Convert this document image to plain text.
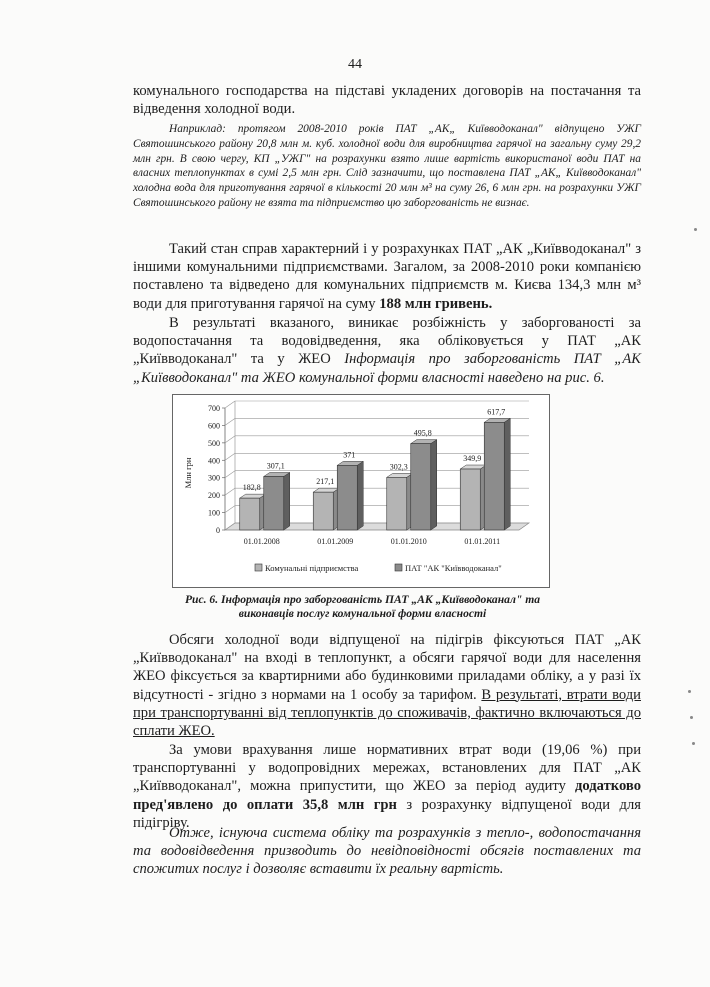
44

комунального господарства на підставі укладених договорів на постачання та відведення холодної води.

Наприклад: протягом 2008-2010 років ПАТ „АК„ Київводоканал" відпущено УЖГ Святошинського району 20,8 млн м. куб. холодної води для виробництва гарячої на загальну суму 29,2 млн грн. В свою чергу, КП „УЖГ" на розрахунки взято лише вартість використаної води ПАТ на власних теплопунктах в сумі 2,5 млн грн. Слід зазначити, що поставлена ПАТ „АК„ Київводоканал" холодна вода для приготування гарячої в кількості 20 млн м³ на суму 26, 6 млн грн. на розрахунки УЖГ Святошинського району не взята та підприємство цю заборгованість не визнає.

Такий стан справ характерний і у розрахунках ПАТ „АК „Київводоканал" з іншими комунальними підприємствами. Загалом, за 2008-2010 роки компанією поставлено та відведено для комунальних підприємств м. Києва 134,3 млн м³ води для приготування гарячої на суму 188 млн гривень.

В результаті вказаного, виникає розбіжність у заборгованості за водопостачання та водовідведення, яка обліковується у ПАТ „АК „Київводоканал" та у ЖЕО Інформація про заборгованість ПАТ „АК „Київводоканал" та ЖЕО комунальної форми власності наведено на рис. 6.

Млн грн
0
100
200
300
400
500
600
700
182,8
307,1
217,1
371
302,3
495,8
349,9
617,7
01.01.2008	01.01.2009	01.01.2010	01.01.2011
Комунальні підприємства	ПАТ "АК "Київводоканал"
Рис. 6. Інформація про заборгованість ПАТ „АК „Київводоканал" та виконавців послуг комунальної форми власності

Обсяги холодної води відпущеної на підігрів фіксуються ПАТ „АК „Київводоканал" на вході в теплопункт, а обсяги гарячої води для населення ЖЕО фіксується за квартирними або будинковими приладами обліку, а у разі їх відсутності - згідно з нормами на 1 особу за тарифом. В результаті, втрати води при транспортуванні від теплопунктів до споживачів, фактично включаються до сплати ЖЕО.

За умови врахування лише нормативних втрат води (19,06 %) при транспортуванні у водопровідних мережах, встановлених для ПАТ „АК „Київводоканал", можна припустити, що ЖЕО за період аудиту додатково пред'явлено до оплати 35,8 млн грн з розрахунку відпущеної води для підігріву.

Отже, існуюча система обліку та розрахунків з тепло-, водопостачання та водовідведення призводить до невідповідності обсягів поставлених та спожитих послуг і дозволяє вставити їх реальну вартість.
